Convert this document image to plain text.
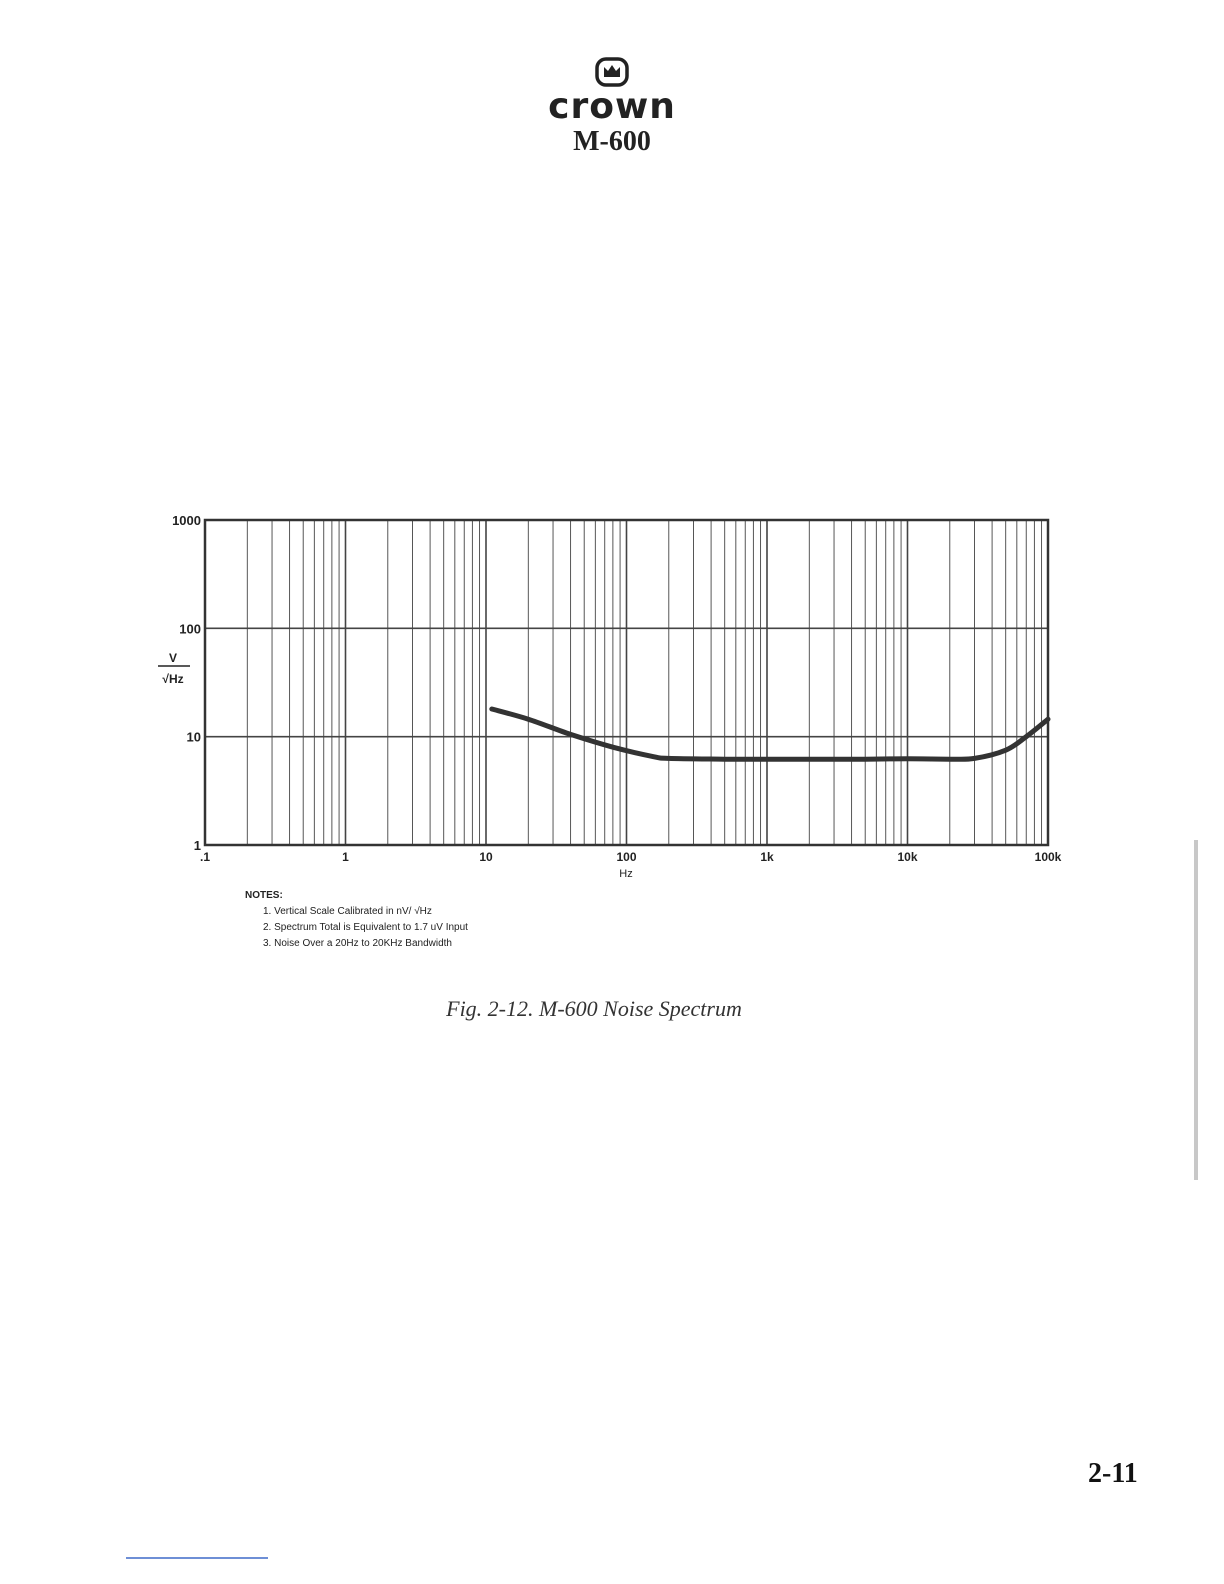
crown
M-600
1
10
100
1000
.1	1	10	100	1k	10k	100k
V
√Hz
Hz
NOTES:
1. Vertical Scale Calibrated in nV/ √Hz
2. Spectrum Total is Equivalent to 1.7 uV Input
3. Noise Over a 20Hz to 20KHz Bandwidth
Fig. 2-12. M-600 Noise Spectrum
2-11
